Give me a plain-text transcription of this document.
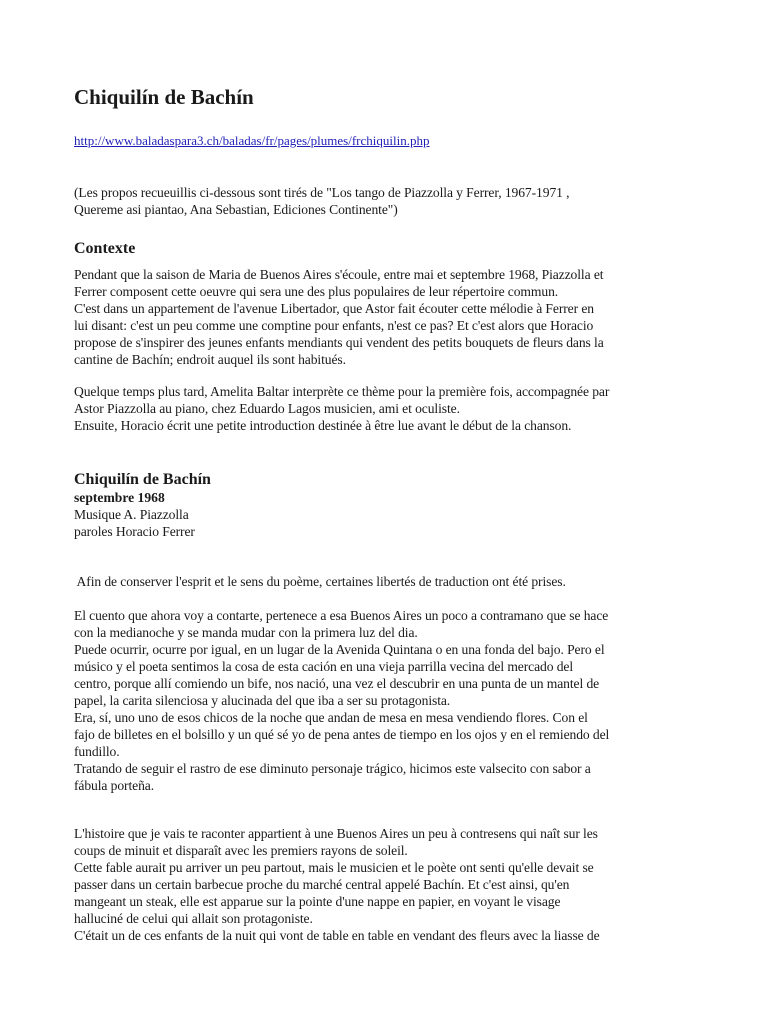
Chiquilín de Bachín
http://www.baladaspara3.ch/baladas/fr/pages/plumes/frchiquilin.php

(Les propos recueuillis ci-dessous sont tirés de "Los tango de Piazzolla y Ferrer, 1967-1971 ,

Quereme asi piantao, Ana Sebastian, Ediciones Continente")

Contexte

Pendant que la saison de Maria de Buenos Aires s'écoule, entre mai et septembre 1968, Piazzolla et

Ferrer composent cette oeuvre qui sera une des plus populaires de leur répertoire commun.

C'est dans un appartement de l'avenue Libertador, que Astor fait écouter cette mélodie à Ferrer en

lui disant: c'est un peu comme une comptine pour enfants, n'est ce pas? Et c'est alors que Horacio

propose de s'inspirer des jeunes enfants mendiants qui vendent des petits bouquets de fleurs dans la

cantine de Bachín; endroit auquel ils sont habitués.

Quelque temps plus tard, Amelita Baltar interprète ce thème pour la première fois, accompagnée par

Astor Piazzolla au piano, chez Eduardo Lagos musicien, ami et oculiste.

Ensuite, Horacio écrit une petite introduction destinée à être lue avant le début de la chanson.

Chiquilín de Bachín
septembre 1968

Musique A. Piazzolla

paroles Horacio Ferrer

Afin de conserver l'esprit et le sens du poème, certaines libertés de traduction ont été prises.

El cuento que ahora voy a contarte, pertenece a esa Buenos Aires un poco a contramano que se hace

con la medianoche y se manda mudar con la primera luz del dia.

Puede ocurrir, ocurre por igual, en un lugar de la Avenida Quintana o en una fonda del bajo. Pero el

músico y el poeta sentimos la cosa de esta cación en una vieja parrilla vecina del mercado del

centro, porque allí comiendo un bife, nos nació, una vez el descubrir en una punta de un mantel de

papel, la carita silenciosa y alucinada del que iba a ser su protagonista.

Era, sí, uno uno de esos chicos de la noche que andan de mesa en mesa vendiendo flores. Con el

fajo de billetes en el bolsillo y un qué sé yo de pena antes de tiempo en los ojos y en el remiendo del

fundillo.

Tratando de seguir el rastro de ese diminuto personaje trágico, hicimos este valsecito con sabor a

fábula porteña.

L'histoire que je vais te raconter appartient à une Buenos Aires un peu à contresens qui naît sur les

coups de minuit et disparaît avec les premiers rayons de soleil.

Cette fable aurait pu arriver un peu partout, mais le musicien et le poète ont senti qu'elle devait se

passer dans un certain barbecue proche du marché central appelé Bachín. Et c'est ainsi, qu'en

mangeant un steak, elle est apparue sur la pointe d'une nappe en papier, en voyant le visage

halluciné de celui qui allait son protagoniste.

C'était un de ces enfants de la nuit qui vont de table en table en vendant des fleurs avec la liasse de
